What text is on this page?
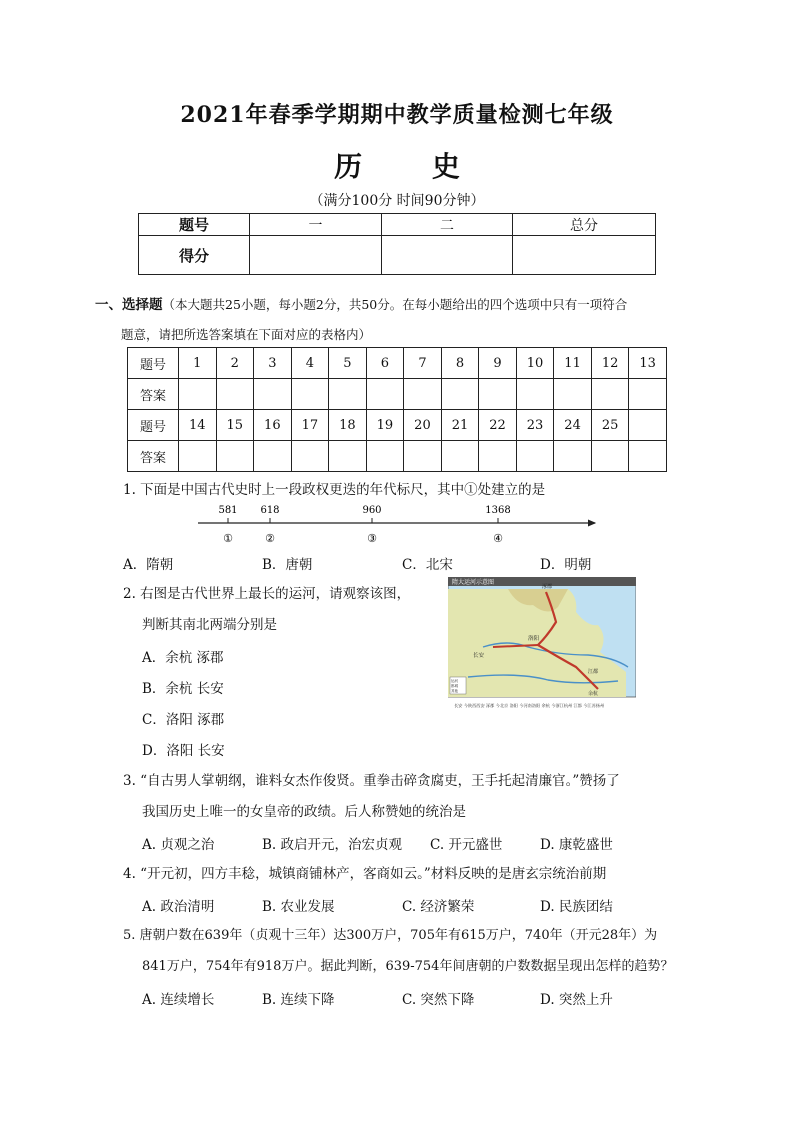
2021年春季学期期中教学质量检测七年级
历 史
（满分100分 时间90分钟）
题号	一	二	总分
得分			
一、选择题（本大题共25小题，每小题2分，共50分。在每小题给出的四个选项中只有一项符合
题意，请把所选答案填在下面对应的表格内）
题号	1	2	3	4	5	6	7	8	9	10	11	12	13
答案													
题号	14	15	16	17	18	19	20	21	22	23	24	25	
答案													
1. 下面是中国古代史时上一段政权更迭的年代标尺，其中①处建立的是
581
①
618
②
960
③
1368
④
A．隋朝	B．唐朝	C．北宋	D．明朝
2. 右图是古代世界上最长的运河，请观察该图，
判断其南北两端分别是
A．余杭 涿郡
B．余杭 长安
C．洛阳 涿郡
D．洛阳 长安
隋大运河示意图
涿郡
长安
洛阳
余杭
江都
运河
都城
其他
长安 今陕西西安 涿郡 今北京 洛阳 今河南洛阳 余杭 今浙江杭州 江都 今江苏扬州
3. “自古男人掌朝纲，谁料女杰作俊贤。重拳击碎贪腐吏，王手托起清廉官。”赞扬了
我国历史上唯一的女皇帝的政绩。后人称赞她的统治是
A. 贞观之治	B. 政启开元，治宏贞观 C. 开元盛世	D. 康乾盛世
4. “开元初，四方丰稔，城镇商铺林产，客商如云。”材料反映的是唐玄宗统治前期
A. 政治清明	B. 农业发展	C. 经济繁荣	D. 民族团结
5. 唐朝户数在639年（贞观十三年）达300万户，705年有615万户，740年（开元28年）为
841万户，754年有918万户。据此判断，639-754年间唐朝的户数数据呈现出怎样的趋势？
A. 连续增长	B. 连续下降	C. 突然下降	D. 突然上升
